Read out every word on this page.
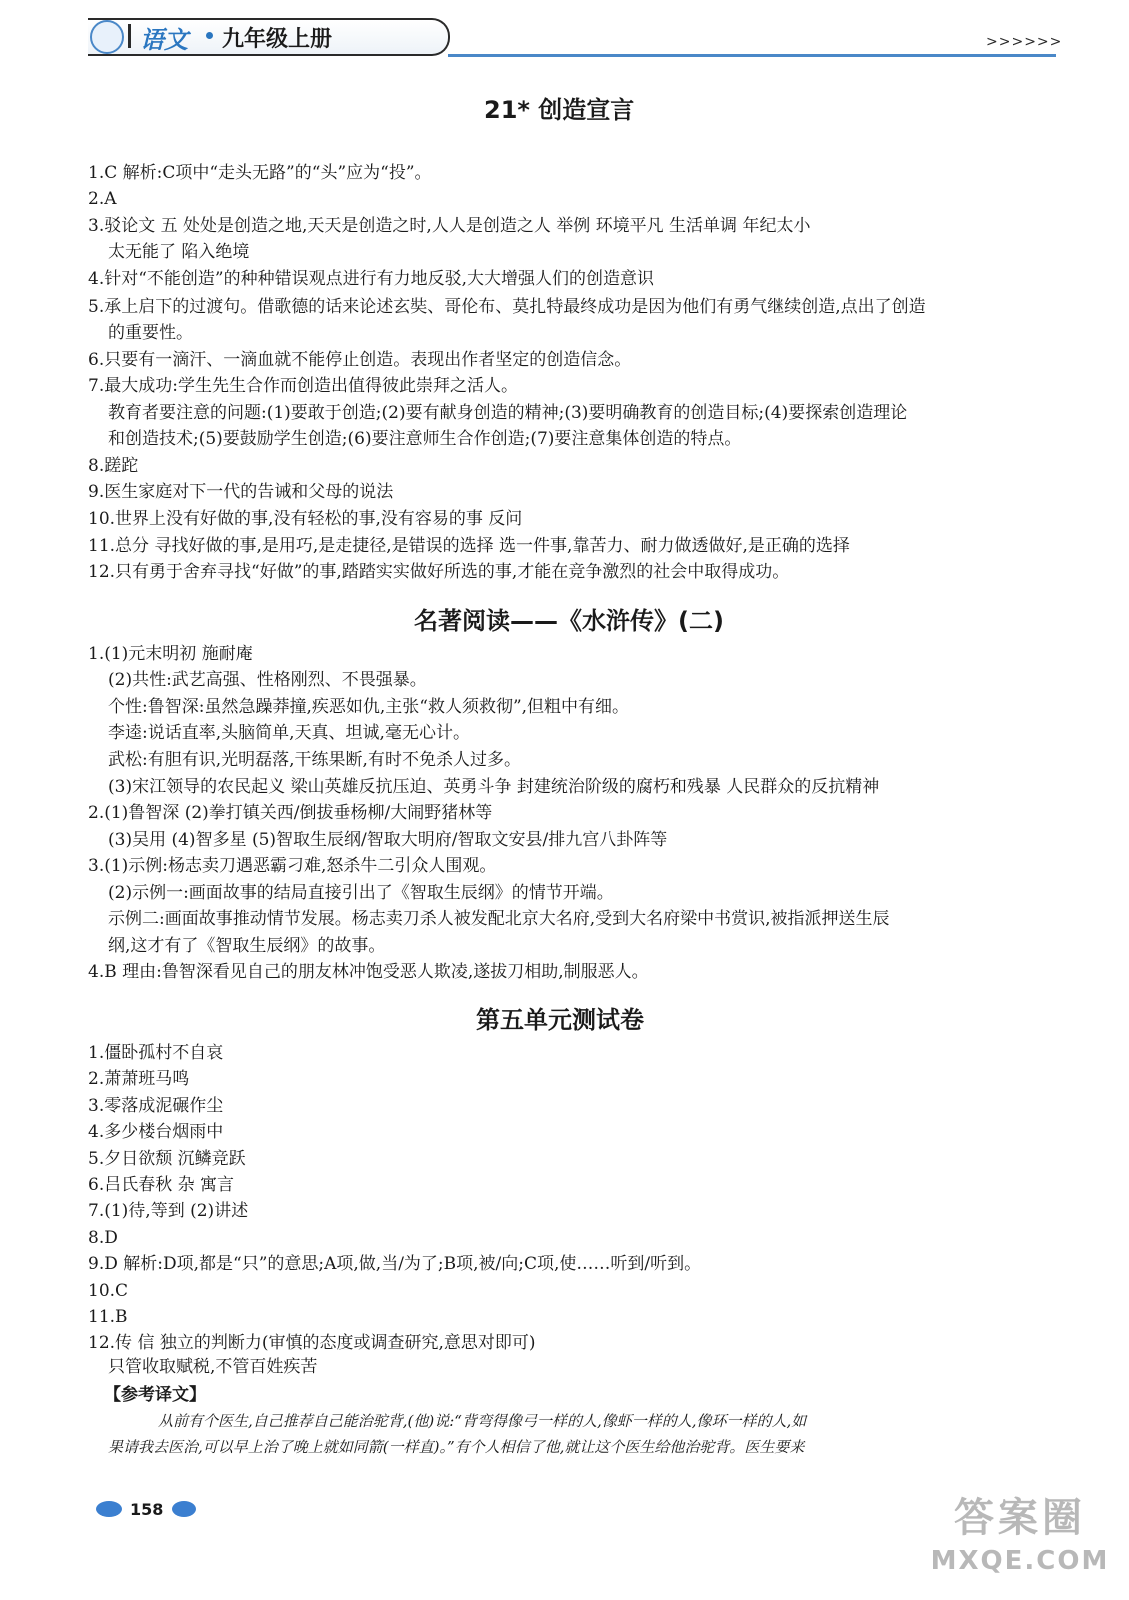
语文 九年级上册	>>>>>>
21* 创造宣言
1.C 解析:C项中“走头无路”的“头”应为“投”。
2.A
3.驳论文 五 处处是创造之地,天天是创造之时,人人是创造之人 举例 环境平凡 生活单调 年纪太小
太无能了 陷入绝境
4.针对“不能创造”的种种错误观点进行有力地反驳,大大增强人们的创造意识
5.承上启下的过渡句。借歌德的话来论述玄奘、哥伦布、莫扎特最终成功是因为他们有勇气继续创造,点出了创造
的重要性。
6.只要有一滴汗、一滴血就不能停止创造。表现出作者坚定的创造信念。
7.最大成功:学生先生合作而创造出值得彼此崇拜之活人。
教育者要注意的问题:(1)要敢于创造;(2)要有献身创造的精神;(3)要明确教育的创造目标;(4)要探索创造理论
和创造技术;(5)要鼓励学生创造;(6)要注意师生合作创造;(7)要注意集体创造的特点。
8.蹉跎
9.医生家庭对下一代的告诫和父母的说法
10.世界上没有好做的事,没有轻松的事,没有容易的事 反问
11.总分 寻找好做的事,是用巧,是走捷径,是错误的选择 选一件事,靠苦力、耐力做透做好,是正确的选择
12.只有勇于舍弃寻找“好做”的事,踏踏实实做好所选的事,才能在竞争激烈的社会中取得成功。
名著阅读——《水浒传》(二)
1.(1)元末明初 施耐庵
(2)共性:武艺高强、性格刚烈、不畏强暴。
个性:鲁智深:虽然急躁莽撞,疾恶如仇,主张“救人须救彻”,但粗中有细。
李逵:说话直率,头脑简单,天真、坦诚,毫无心计。
武松:有胆有识,光明磊落,干练果断,有时不免杀人过多。
(3)宋江领导的农民起义 梁山英雄反抗压迫、英勇斗争 封建统治阶级的腐朽和残暴 人民群众的反抗精神
2.(1)鲁智深 (2)拳打镇关西/倒拔垂杨柳/大闹野猪林等
(3)吴用 (4)智多星 (5)智取生辰纲/智取大明府/智取文安县/排九宫八卦阵等
3.(1)示例:杨志卖刀遇恶霸刁难,怒杀牛二引众人围观。
(2)示例一:画面故事的结局直接引出了《智取生辰纲》的情节开端。
示例二:画面故事推动情节发展。杨志卖刀杀人被发配北京大名府,受到大名府梁中书赏识,被指派押送生辰
纲,这才有了《智取生辰纲》的故事。
4.B 理由:鲁智深看见自己的朋友林冲饱受恶人欺凌,遂拔刀相助,制服恶人。
第五单元测试卷
1.僵卧孤村不自哀
2.萧萧班马鸣
3.零落成泥碾作尘
4.多少楼台烟雨中
5.夕日欲颓 沉鳞竞跃
6.吕氏春秋 杂 寓言
7.(1)待,等到 (2)讲述
8.D
9.D 解析:D项,都是“只”的意思;A项,做,当/为了;B项,被/向;C项,使……听到/听到。
10.C
11.B
12.传 信 独立的判断力(审慎的态度或调查研究,意思对即可)
只管收取赋税,不管百姓疾苦
【参考译文】
从前有个医生,自己推荐自己能治驼背,(他)说:“背弯得像弓一样的人,像虾一样的人,像环一样的人,如
果请我去医治,可以早上治了晚上就如同箭(一样直)。”有个人相信了他,就让这个医生给他治驼背。医生要来
158	答案圈
MXQE.COM
